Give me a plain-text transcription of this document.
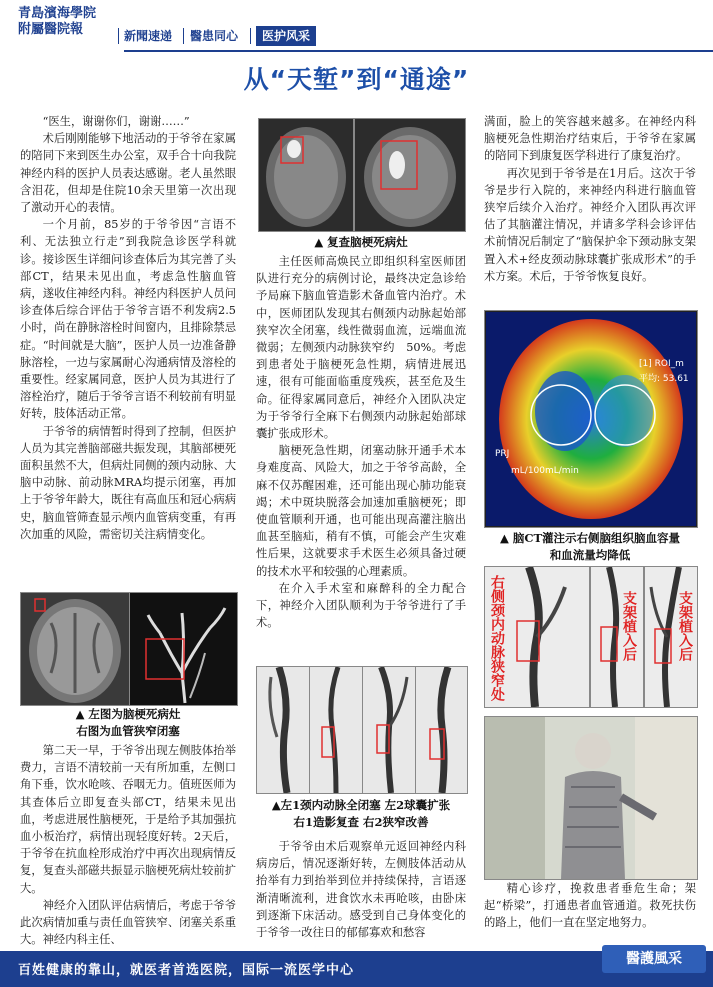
青島濱海學院
附屬醫院報	新聞速递 醫患同心	医护风采
从“天堑”到“通途”

“医生，谢谢你们，谢谢……”

术后刚刚能够下地活动的于爷爷在家属的陪同下来到医生办公室，双手合十向我院神经内科的医护人员表达感谢。老人虽然眼含泪花，但却是住院10余天里第一次出现了激动开心的表情。

一个月前，85岁的于爷爷因“言语不利、无法独立行走”到我院急诊医学科就诊。接诊医生详细问诊查体后为其完善了头部CT，结果未见出血，考虑急性脑血管病，遂收住神经内科。神经内科医护人员问诊查体后综合评估于爷爷言语不利发病2.5小时，尚在静脉溶栓时间窗内，且排除禁忌症。“时间就是大脑”，医护人员一边准备静脉溶栓，一边与家属耐心沟通病情及溶栓的重要性。经家属同意，医护人员为其进行了溶栓治疗，随后于爷爷言语不利较前有明显好转，肢体活动正常。

于爷爷的病情暂时得到了控制，但医护人员为其完善脑部磁共振发现，其脑部梗死面积虽然不大，但病灶同侧的颈内动脉、大脑中动脉、前动脉MRA均提示闭塞，再加上于爷爷年龄大，既往有高血压和冠心病病史，脑血管筛查显示颅内血管病变重，有再次加重的风险，需密切关注病情变化。

▲ 左图为脑梗死病灶
右图为血管狭窄闭塞

第二天一早，于爷爷出现左侧肢体抬举费力，言语不清较前一天有所加重，左侧口角下垂，饮水呛咳、吞咽无力。值班医师为其查体后立即复查头部CT，结果未见出血，考虑进展性脑梗死，于是给予其加强抗血小板治疗，病情出现轻度好转。2天后，于爷爷在抗血栓形成治疗中再次出现病情反复，复查头部磁共振显示脑梗死病灶较前扩大。

神经介入团队评估病情后，考虑于爷爷此次病情加重与责任血管狭窄、闭塞关系重大。神经内科主任、

▲ 复查脑梗死病灶

主任医师高焕民立即组织科室医师团队进行充分的病例讨论，最终决定急诊给予局麻下脑血管造影术备血管内治疗。术中，医师团队发现其右侧颈内动脉起始部狭窄次全闭塞，线性微弱血流，远端血流微弱；左侧颈内动脉狭窄约　50%。考虑到患者处于脑梗死急性期，病情进展迅速，很有可能面临重度残疾，甚至危及生命。征得家属同意后，神经介入团队决定为于爷爷行全麻下右侧颈内动脉起始部球囊扩张成形术。

脑梗死急性期，闭塞动脉开通手术本身难度高、风险大，加之于爷爷高龄，全麻不仅苏醒困难，还可能出现心肺功能衰竭；术中斑块脱落会加速加重脑梗死；即使血管顺利开通，也可能出现高灌注脑出血甚至脑疝，稍有不慎，可能会产生灾难性后果，这就要求手术医生必须具备过硬的技术水平和较强的心理素质。

在介入手术室和麻醉科的全力配合下，神经介入团队顺利为于爷爷进行了手术。

▲左1颈内动脉全闭塞 左2球囊扩张
右1造影复查 右2狭窄改善

于爷爷由术后观察单元返回神经内科病房后，情况逐渐好转，左侧肢体活动从抬举有力到抬举到位并持续保持，言语逐渐清晰流利，进食饮水未再呛咳，由卧床到逐渐下床活动。感受到自己身体变化的于爷爷一改往日的郁郁寡欢和愁容

满面，脸上的笑容越来越多。在神经内科脑梗死急性期治疗结束后，于爷爷在家属的陪同下到康复医学科进行了康复治疗。

再次见到于爷爷是在1月后。这次于爷爷是步行入院的，来神经内科进行脑血管狭窄后续介入治疗。神经介入团队再次评估了其脑灌注情况，并请多学科会诊评估术前情况后制定了“脑保护伞下颈动脉支架置入术+经皮颈动脉球囊扩张成形术”的手术方案。术后，于爷爷恢复良好。

[1] ROI_m
平均: 53.61
mL/100mL/min
PRJ
▲ 脑CT灌注示右侧脑组织脑血容量
和血流量均降低
右侧颈内动脉狭窄处	支架植入后	支架植入后

精心诊疗，挽救患者垂危生命；架起“桥梁”，打通患者血管通道。救死扶伤的路上，他们一直在坚定地努力。

百姓健康的靠山，就医者首选医院，国际一流医学中心
醫護風采
